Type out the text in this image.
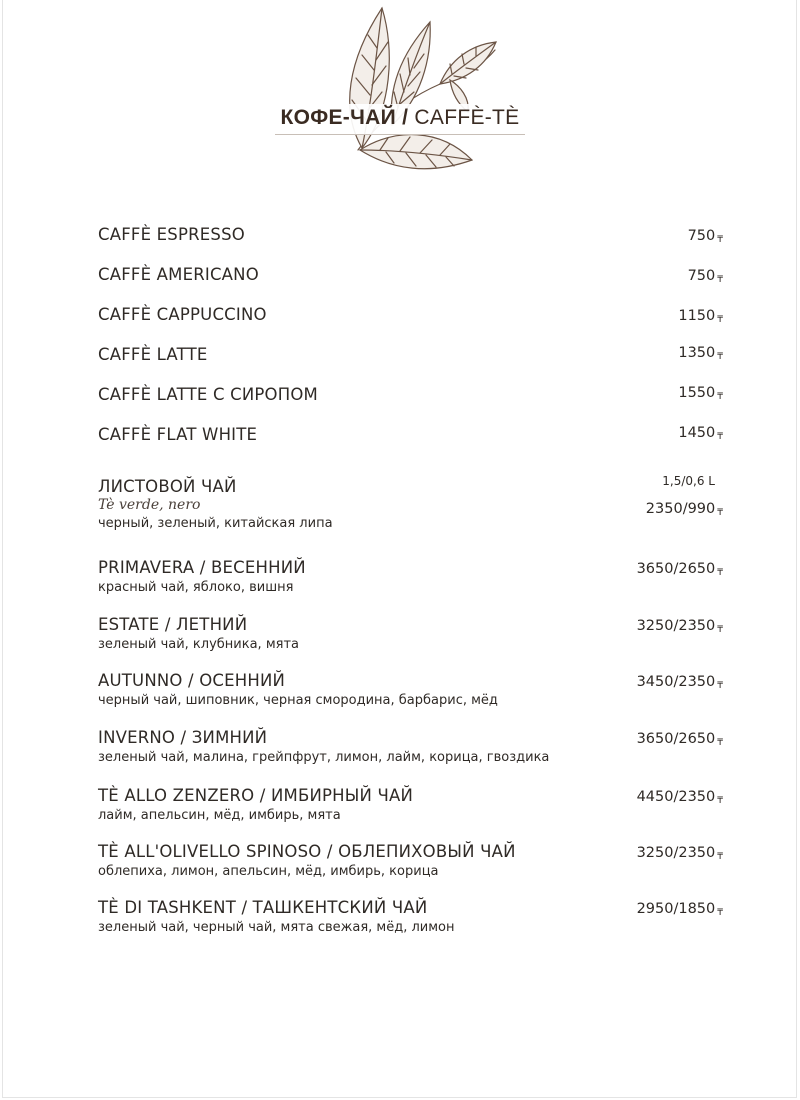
КОФЕ-ЧАЙ / CAFFÈ-TÈ
CAFFÈ ESPRESSO	750 ₸
CAFFÈ AMERICANO	750 ₸
CAFFÈ CAPPUCCINO	1150 ₸
CAFFÈ LATTE	1350 ₸
CAFFÈ LATTE С СИРОПОМ	1550 ₸
CAFFÈ FLAT WHITE	1450 ₸
ЛИСТОВОЙ ЧАЙ
Tè verde, nero
черный, зеленый, китайская липа
1,5/0,6 L
2350/990 ₸
PRIMAVERA / ВЕСЕННИЙ
красный чай, яблоко, вишня
3650/2650 ₸
ESTATE / ЛЕТНИЙ
зеленый чай, клубника, мята
3250/2350 ₸
AUTUNNO / ОСЕННИЙ
черный чай, шиповник, черная смородина, барбарис, мёд
3450/2350 ₸
INVERNO / ЗИМНИЙ
зеленый чай, малина, грейпфрут, лимон, лайм, корица, гвоздика
3650/2650 ₸
TÈ ALLO ZENZERO / ИМБИРНЫЙ ЧАЙ
лайм, апельсин, мёд, имбирь, мята
4450/2350 ₸
TÈ ALL'OLIVELLO SPINOSO / ОБЛЕПИХОВЫЙ ЧАЙ
облепиха, лимон, апельсин, мёд, имбирь, корица
3250/2350 ₸
TÈ DI TASHKENT / ТАШКЕНТСКИЙ ЧАЙ
зеленый чай, черный чай, мята свежая, мёд, лимон
2950/1850 ₸
